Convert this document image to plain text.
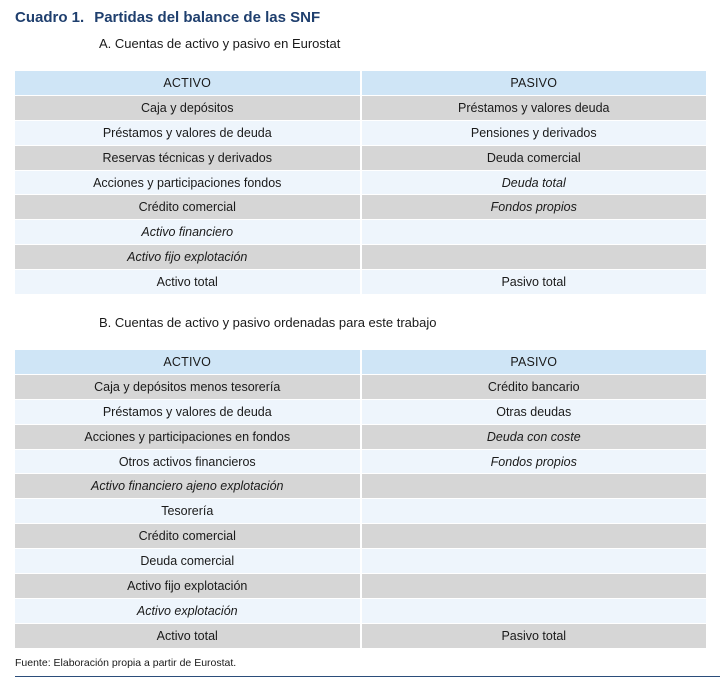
Cuadro 1. Partidas del balance de las SNF
A. Cuentas de activo y pasivo en Eurostat
ACTIVO	PASIVO
Caja y depósitos	Préstamos y valores deuda
Préstamos y valores de deuda	Pensiones y derivados
Reservas técnicas y derivados	Deuda comercial
Acciones y participaciones fondos	Deuda total
Crédito comercial	Fondos propios
Activo financiero	
Activo fijo explotación	
Activo total	Pasivo total
B. Cuentas de activo y pasivo ordenadas para este trabajo
ACTIVO	PASIVO
Caja y depósitos menos tesorería	Crédito bancario
Préstamos y valores de deuda	Otras deudas
Acciones y participaciones en fondos	Deuda con coste
Otros activos financieros	Fondos propios
Activo financiero ajeno explotación	
Tesorería	
Crédito comercial	
Deuda comercial	
Activo fijo explotación	
Activo explotación	
Activo total	Pasivo total
Fuente: Elaboración propia a partir de Eurostat.
